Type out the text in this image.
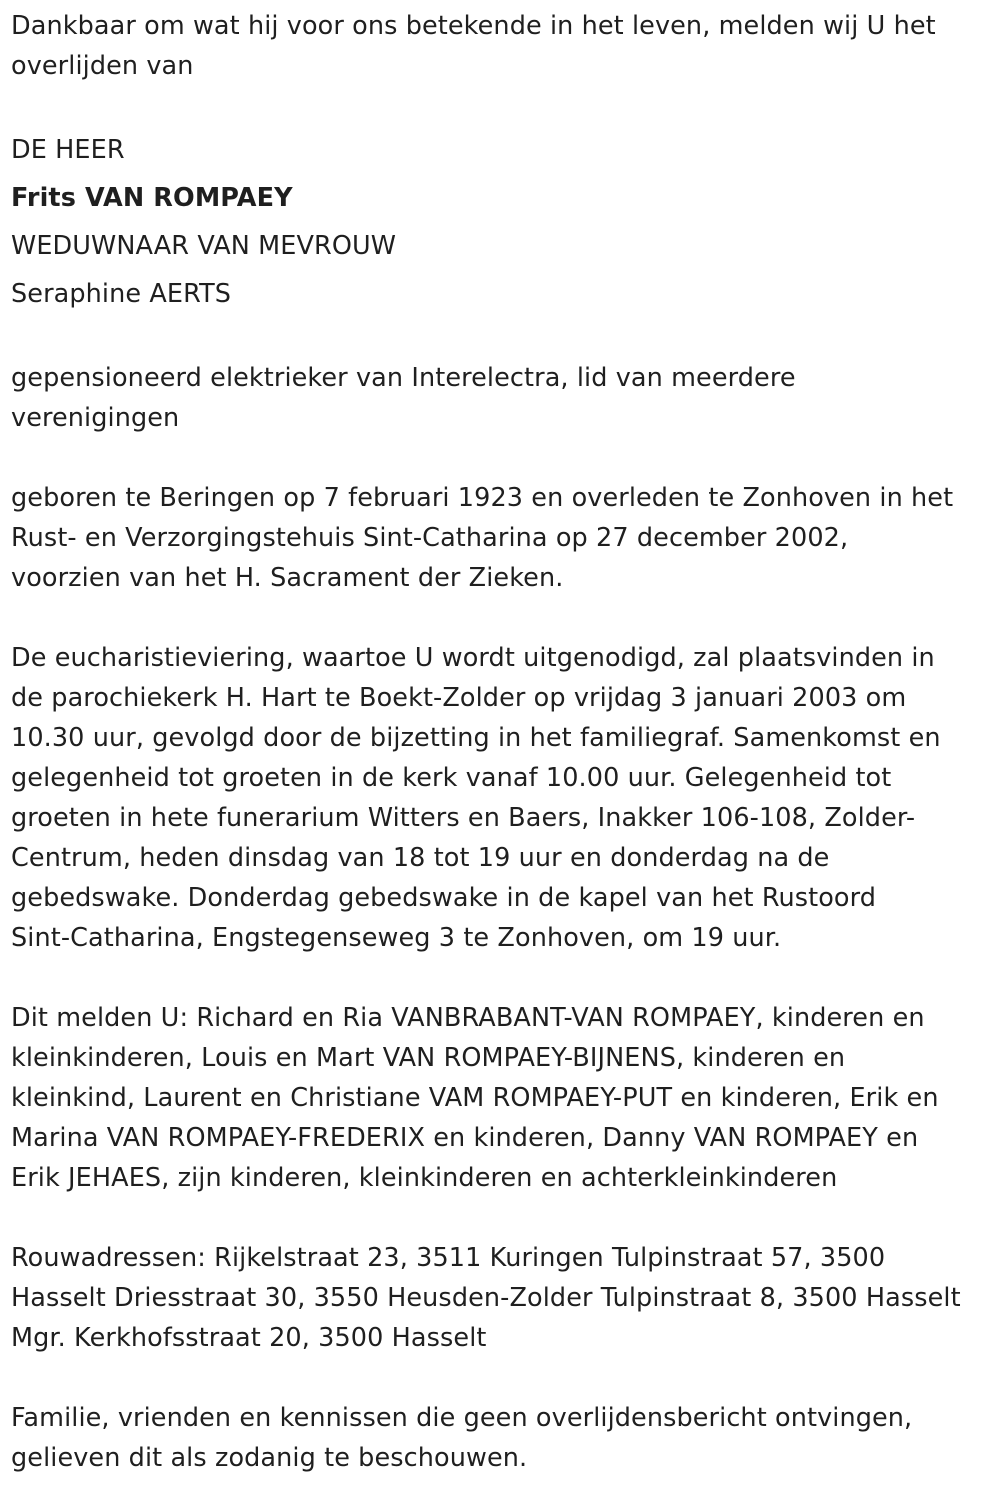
Dankbaar om wat hij voor ons betekende in het leven, melden wij U het
overlijden van

DE HEER
Frits VAN ROMPAEY
WEDUWNAAR VAN MEVROUW
Seraphine AERTS

gepensioneerd elektrieker van Interelectra, lid van meerdere
verenigingen

geboren te Beringen op 7 februari 1923 en overleden te Zonhoven in het
Rust- en Verzorgingstehuis Sint-Catharina op 27 december 2002,
voorzien van het H. Sacrament der Zieken.

De eucharistieviering, waartoe U wordt uitgenodigd, zal plaatsvinden in
de parochiekerk H. Hart te Boekt-Zolder op vrijdag 3 januari 2003 om
10.30 uur, gevolgd door de bijzetting in het familiegraf. Samenkomst en
gelegenheid tot groeten in de kerk vanaf 10.00 uur. Gelegenheid tot
groeten in hete funerarium Witters en Baers, Inakker 106-108, Zolder-
Centrum, heden dinsdag van 18 tot 19 uur en donderdag na de
gebedswake. Donderdag gebedswake in de kapel van het Rustoord
Sint-Catharina, Engstegenseweg 3 te Zonhoven, om 19 uur.

Dit melden U: Richard en Ria VANBRABANT-VAN ROMPAEY, kinderen en
kleinkinderen, Louis en Mart VAN ROMPAEY-BIJNENS, kinderen en
kleinkind, Laurent en Christiane VAM ROMPAEY-PUT en kinderen, Erik en
Marina VAN ROMPAEY-FREDERIX en kinderen, Danny VAN ROMPAEY en
Erik JEHAES, zijn kinderen, kleinkinderen en achterkleinkinderen

Rouwadressen: Rijkelstraat 23, 3511 Kuringen Tulpinstraat 57, 3500
Hasselt Driesstraat 30, 3550 Heusden-Zolder Tulpinstraat 8, 3500 Hasselt
Mgr. Kerkhofsstraat 20, 3500 Hasselt

Familie, vrienden en kennissen die geen overlijdensbericht ontvingen,
gelieven dit als zodanig te beschouwen.
